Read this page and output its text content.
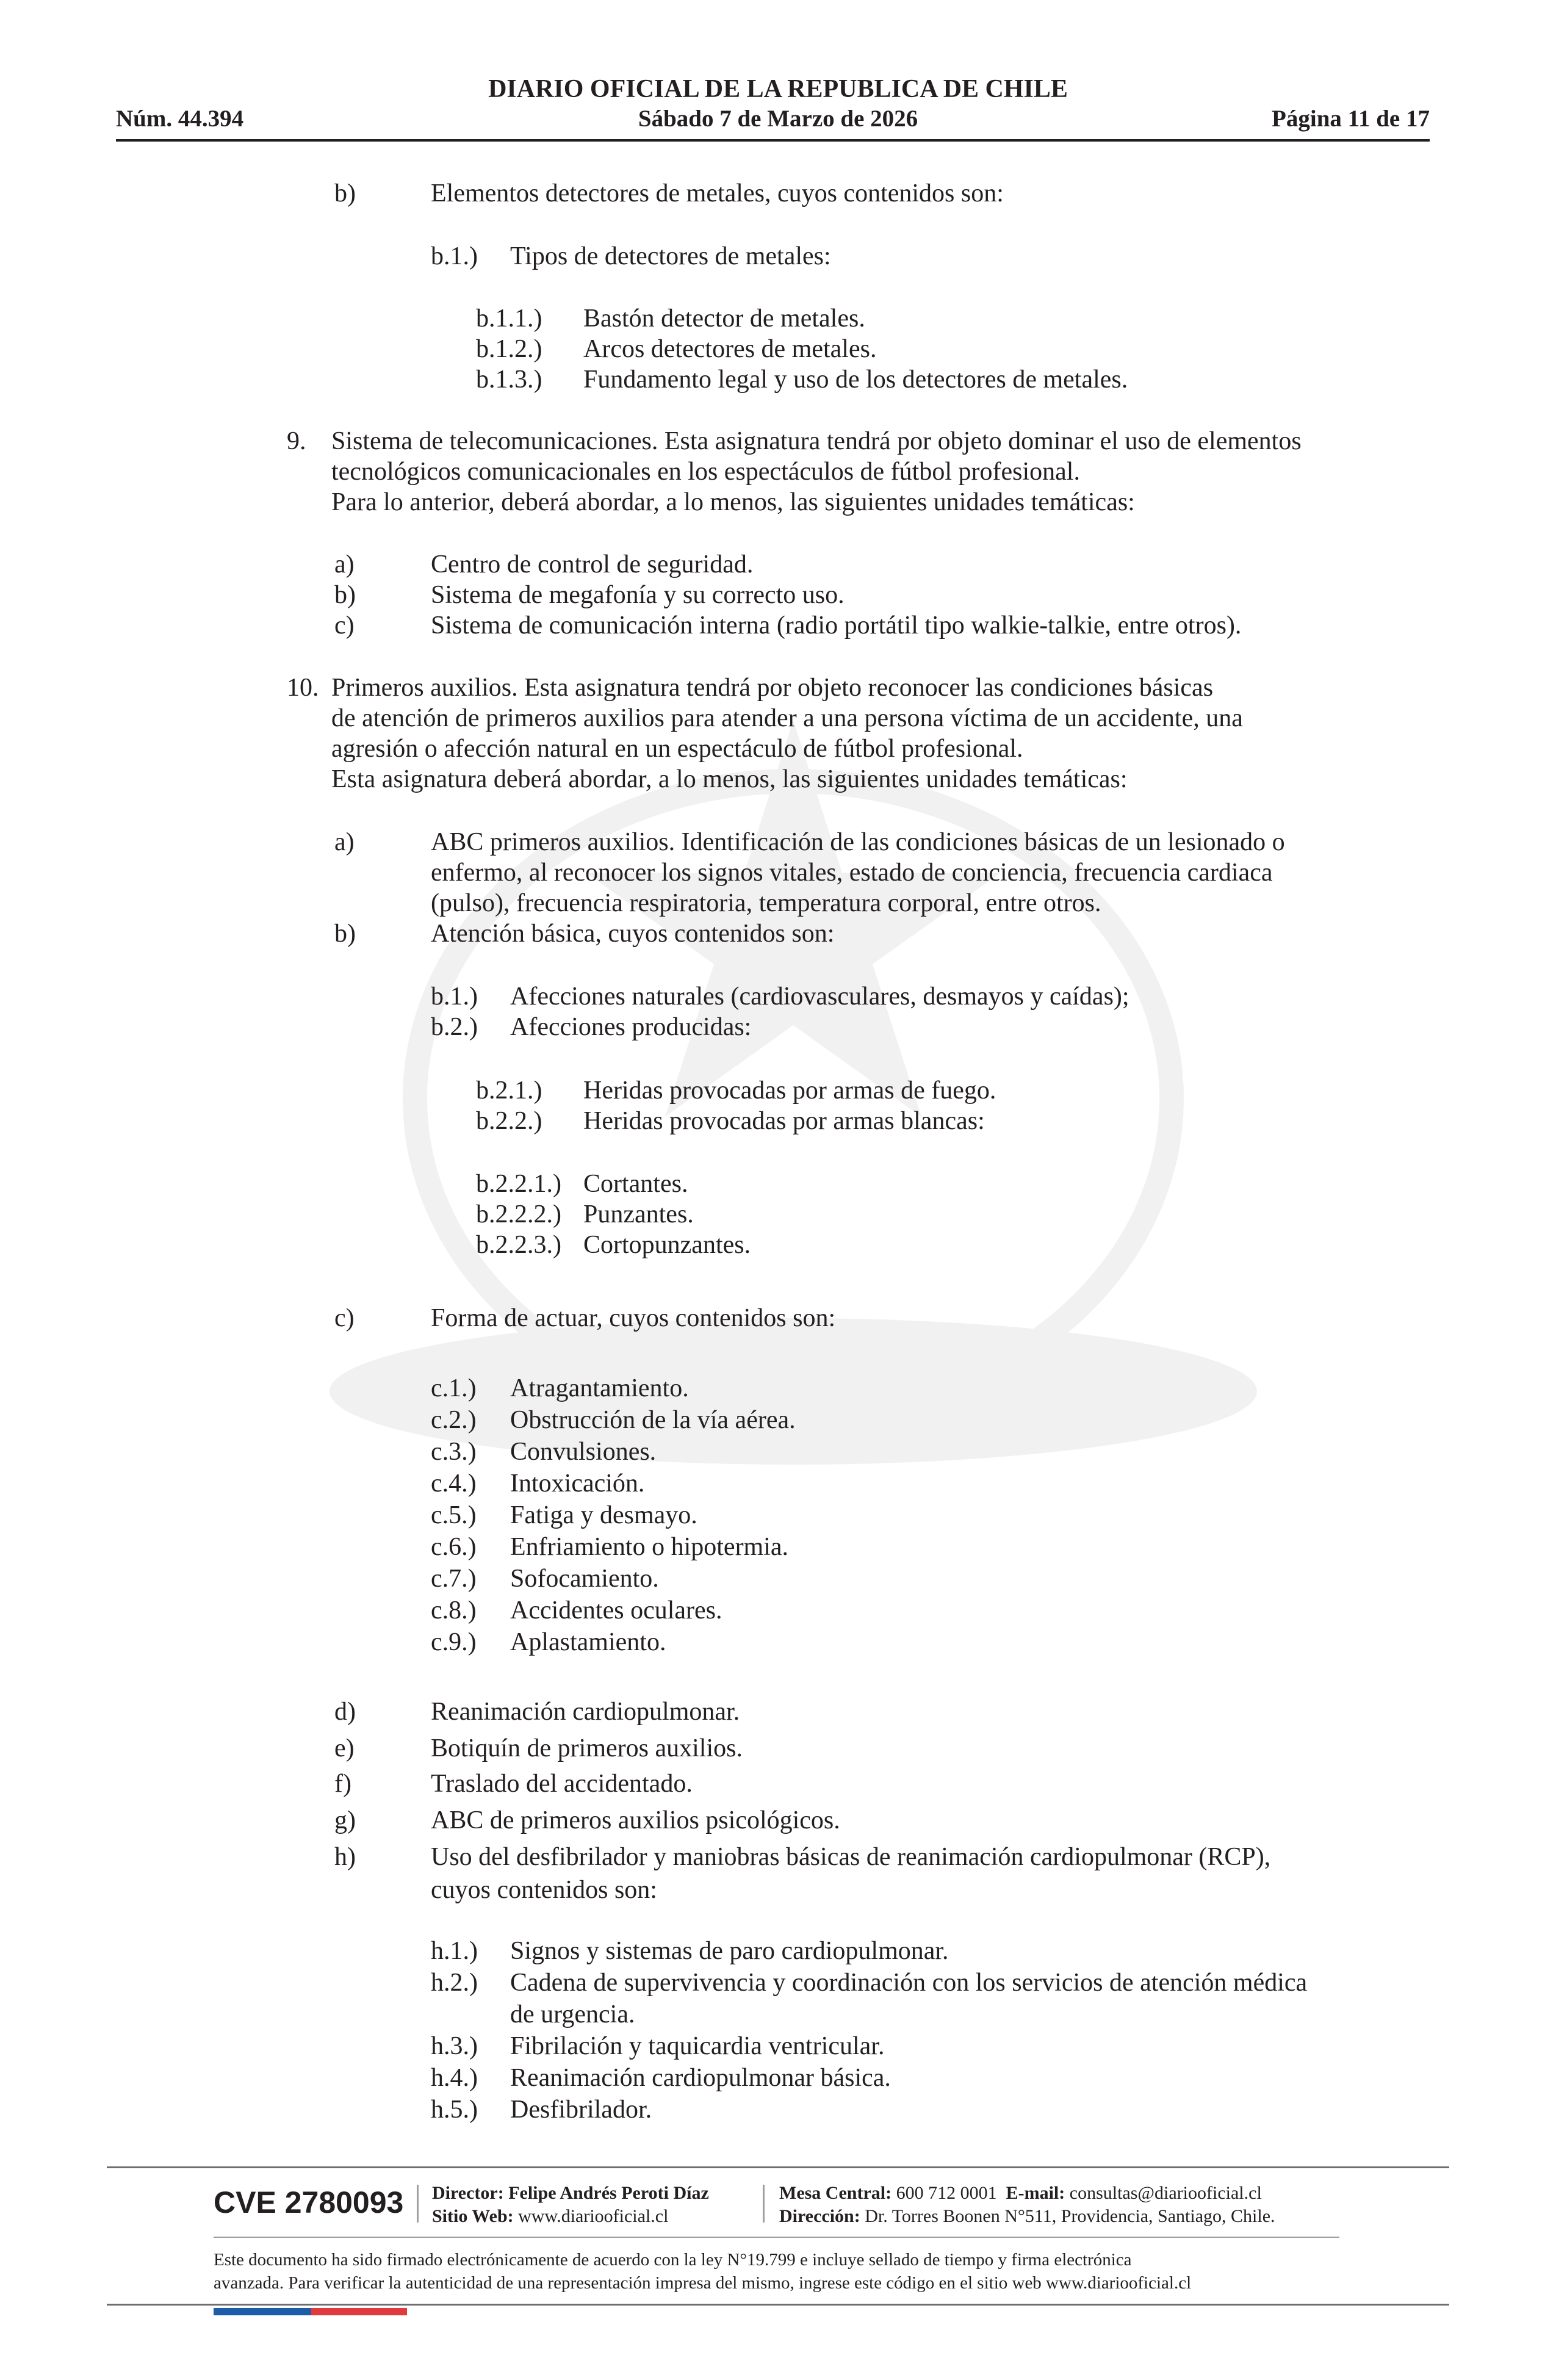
Núm. 44.394
DIARIO OFICIAL DE LA REPUBLICA DE CHILE
Sábado 7 de Marzo de 2026	Página 11 de 17
b)	Elementos detectores de metales, cuyos contenidos son:
b.1.) Tipos de detectores de metales:
b.1.1.) Bastón detector de metales.
b.1.2.) Arcos detectores de metales.
b.1.3.) Fundamento legal y uso de los detectores de metales.
9. Sistema de telecomunicaciones. Esta asignatura tendrá por objeto dominar el uso de elementos
tecnológicos comunicacionales en los espectáculos de fútbol profesional.
Para lo anterior, deberá abordar, a lo menos, las siguientes unidades temáticas:
a)	Centro de control de seguridad.
b)	Sistema de megafonía y su correcto uso.
c)	Sistema de comunicación interna (radio portátil tipo walkie-talkie, entre otros).
10. Primeros auxilios. Esta asignatura tendrá por objeto reconocer las condiciones básicas
de atención de primeros auxilios para atender a una persona víctima de un accidente, una
agresión o afección natural en un espectáculo de fútbol profesional.
Esta asignatura deberá abordar, a lo menos, las siguientes unidades temáticas:
a)	ABC primeros auxilios. Identificación de las condiciones básicas de un lesionado o
enfermo, al reconocer los signos vitales, estado de conciencia, frecuencia cardiaca
(pulso), frecuencia respiratoria, temperatura corporal, entre otros.
b)	Atención básica, cuyos contenidos son:
b.1.) Afecciones naturales (cardiovasculares, desmayos y caídas);
b.2.) Afecciones producidas:
b.2.1.) Heridas provocadas por armas de fuego.
b.2.2.) Heridas provocadas por armas blancas:
b.2.2.1.) Cortantes.
b.2.2.2.) Punzantes.
b.2.2.3.) Cortopunzantes.
c)	Forma de actuar, cuyos contenidos son:
c.1.) Atragantamiento.
c.2.) Obstrucción de la vía aérea.
c.3.) Convulsiones.
c.4.) Intoxicación.
c.5.) Fatiga y desmayo.
c.6.) Enfriamiento o hipotermia.
c.7.) Sofocamiento.
c.8.) Accidentes oculares.
c.9.) Aplastamiento.
d)	Reanimación cardiopulmonar.
e)	Botiquín de primeros auxilios.
f)	Traslado del accidentado.
g)	ABC de primeros auxilios psicológicos.
h)	Uso del desfibrilador y maniobras básicas de reanimación cardiopulmonar (RCP),
cuyos contenidos son:
h.1.) Signos y sistemas de paro cardiopulmonar.
h.2.) Cadena de supervivencia y coordinación con los servicios de atención médica
de urgencia.
h.3.) Fibrilación y taquicardia ventricular.
h.4.) Reanimación cardiopulmonar básica.
h.5.) Desfibrilador.
CVE 2780093 Director: Felipe Andrés Peroti Díaz
Sitio Web: www.diariooficial.cl
Mesa Central: 600 712 0001 E-mail: consultas@diariooficial.cl
Dirección: Dr. Torres Boonen N°511, Providencia, Santiago, Chile.
Este documento ha sido firmado electrónicamente de acuerdo con la ley N°19.799 e incluye sellado de tiempo y firma electrónica
avanzada. Para verificar la autenticidad de una representación impresa del mismo, ingrese este código en el sitio web www.diariooficial.cl
